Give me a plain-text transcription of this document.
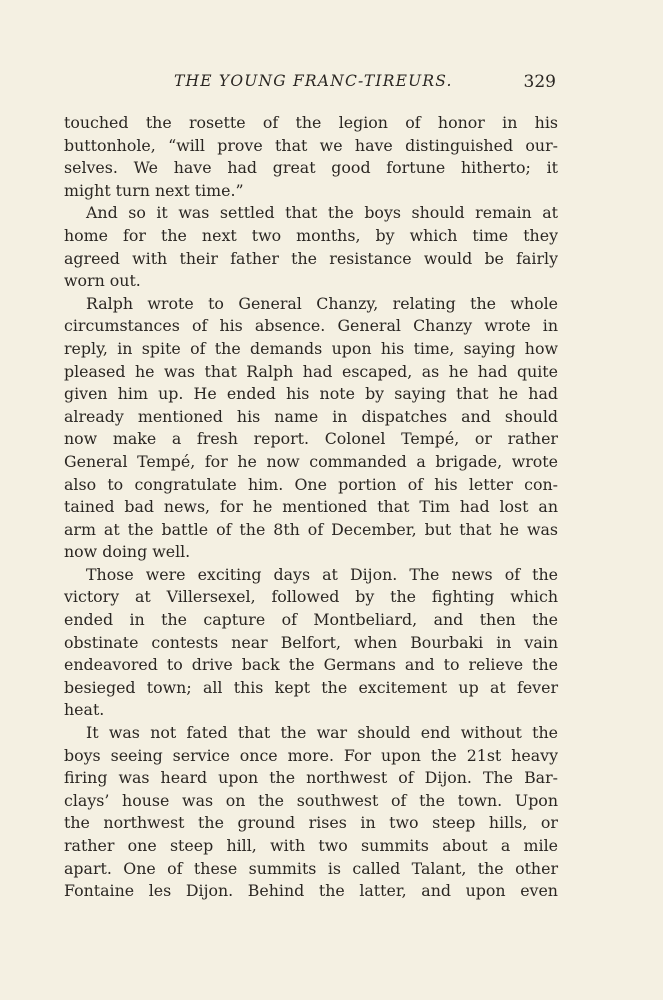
THE YOUNG FRANC-TIREURS.	329
touched the rosette of the legion of honor in his
buttonhole, “will prove that we have distinguished our-
selves. We have had great good fortune hitherto; it
might turn next time.”
And so it was settled that the boys should remain at
home for the next two months, by which time they
agreed with their father the resistance would be fairly
worn out.
Ralph wrote to General Chanzy, relating the whole
circumstances of his absence. General Chanzy wrote in
reply, in spite of the demands upon his time, saying how
pleased he was that Ralph had escaped, as he had quite
given him up. He ended his note by saying that he had
already mentioned his name in dispatches and should
now make a fresh report. Colonel Tempé, or rather
General Tempé, for he now commanded a brigade, wrote
also to congratulate him. One portion of his letter con-
tained bad news, for he mentioned that Tim had lost an
arm at the battle of the 8th of December, but that he was
now doing well.
Those were exciting days at Dijon. The news of the
victory at Villersexel, followed by the fighting which
ended in the capture of Montbeliard, and then the
obstinate contests near Belfort, when Bourbaki in vain
endeavored to drive back the Germans and to relieve the
besieged town; all this kept the excitement up at fever
heat.
It was not fated that the war should end without the
boys seeing service once more. For upon the 21st heavy
firing was heard upon the northwest of Dijon. The Bar-
clays’ house was on the southwest of the town. Upon
the northwest the ground rises in two steep hills, or
rather one steep hill, with two summits about a mile
apart. One of these summits is called Talant, the other
Fontaine les Dijon. Behind the latter, and upon even
